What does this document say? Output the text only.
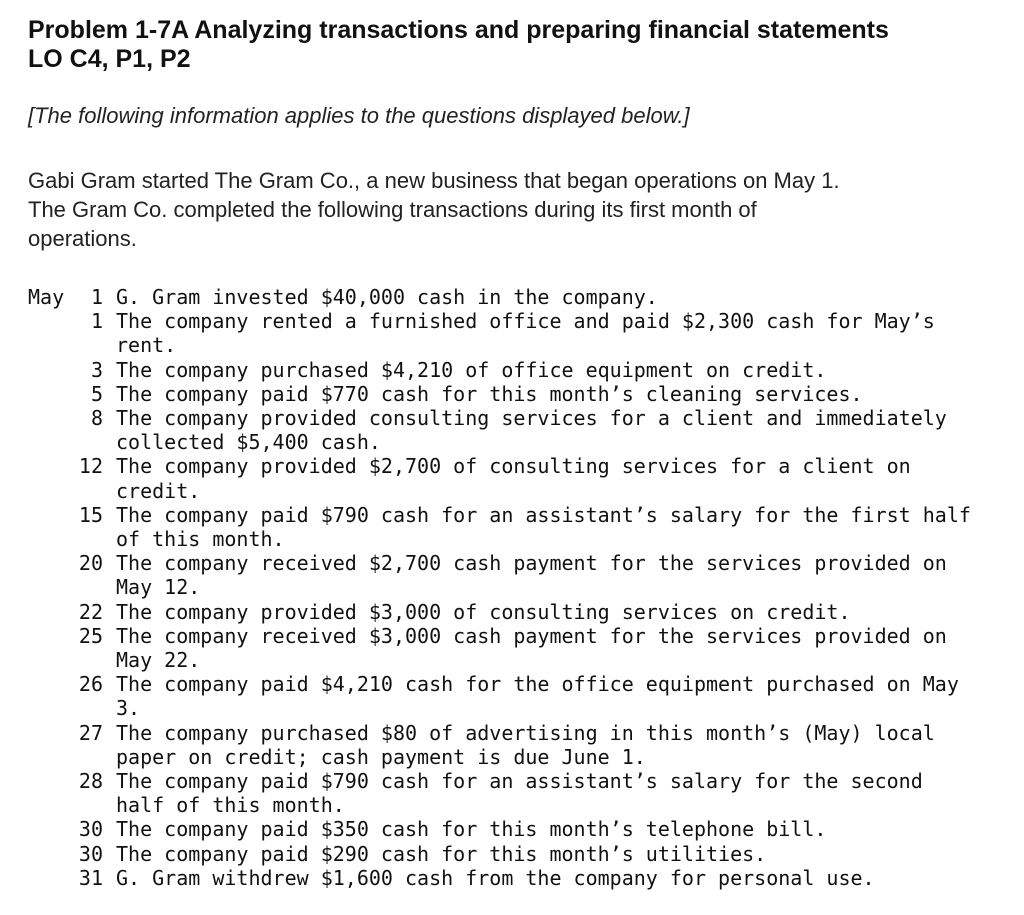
Problem 1-7A Analyzing transactions and preparing financial statements
LO C4, P1, P2

[The following information applies to the questions displayed below.]

Gabi Gram started The Gram Co., a new business that began operations on May 1.
The Gram Co. completed the following transactions during its first month of
operations.

May	1 G. Gram invested $40,000 cash in the company.
1 The company rented a furnished office and paid $2,300 cash for May’s rent.
3 The company purchased $4,210 of office equipment on credit.
5 The company paid $770 cash for this month’s cleaning services.
8 The company provided consulting services for a client and immediately collected $5,400 cash.
12 The company provided $2,700 of consulting services for a client on credit.
15 The company paid $790 cash for an assistant’s salary for the first half of this month.
20 The company received $2,700 cash payment for the services provided on May 12.
22 The company provided $3,000 of consulting services on credit.
25 The company received $3,000 cash payment for the services provided on May 22.
26 The company paid $4,210 cash for the office equipment purchased on May 3.
27 The company purchased $80 of advertising in this month’s (May) local paper on credit; cash payment is due June 1.
28 The company paid $790 cash for an assistant’s salary for the second half of this month.
30 The company paid $350 cash for this month’s telephone bill.
30 The company paid $290 cash for this month’s utilities.
31 G. Gram withdrew $1,600 cash from the company for personal use.
